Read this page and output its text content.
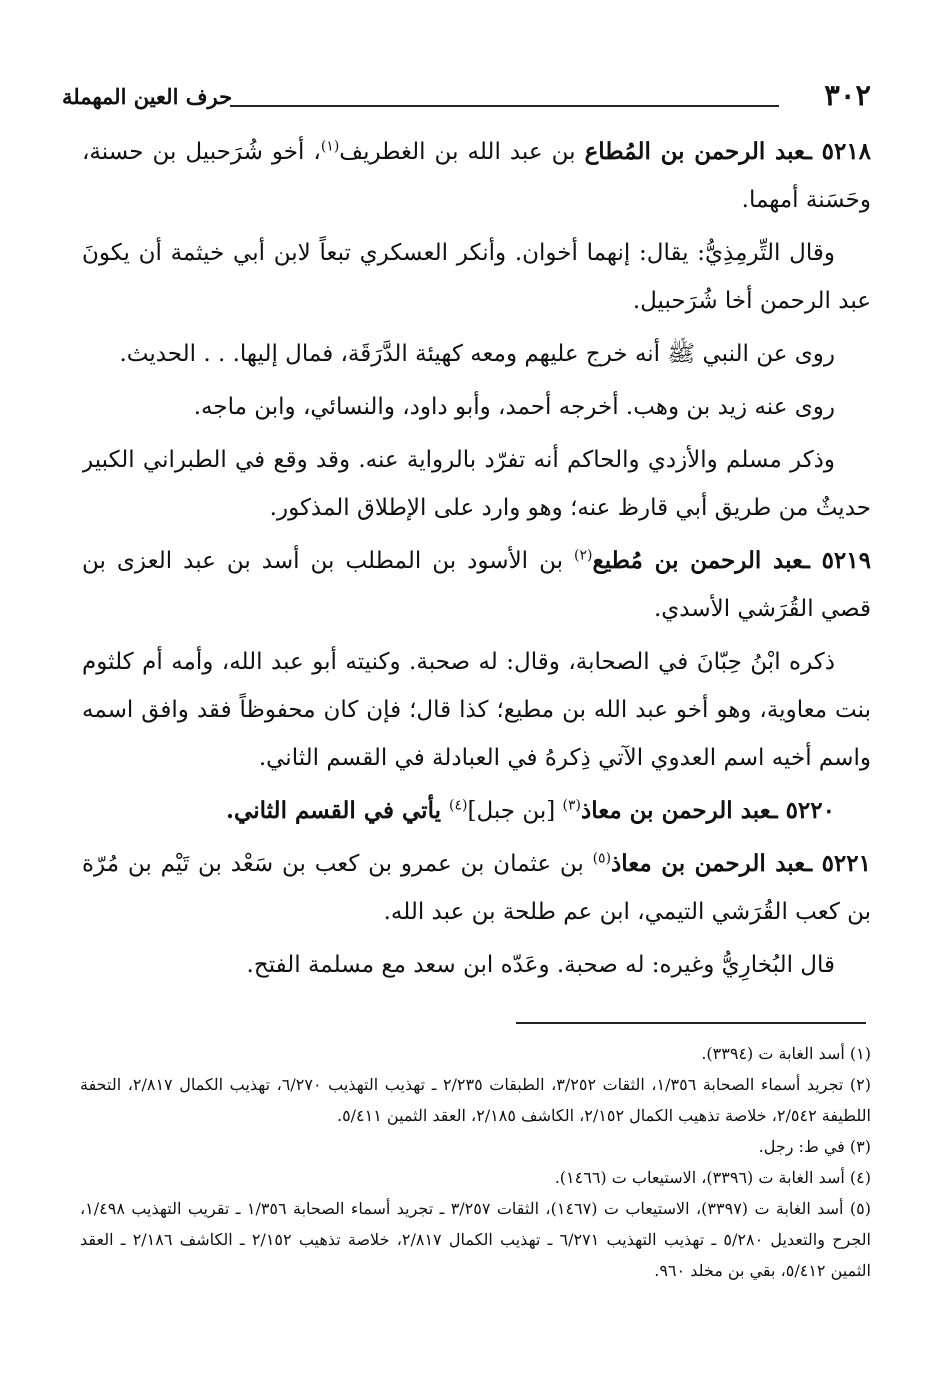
٣٠٢
حرف العين المهملة

٥٢١٨ ـعبد الرحمن بن المُطاع بن عبد الله بن الغطريف$^{(١)}$، أخو شُرَحبيل بن حسنة، وحَسَنة أمهما.

وقال التِّرمِذِيُّ: يقال: إنهما أخوان. وأنكر العسكري تبعاً لابن أبي خيثمة أن يكونَ عبد الرحمن أخا شُرَحبيل.

روى عن النبي ﷺ أنه خرج عليهم ومعه كهيئة الدَّرَقَة، فمال إليها. . . الحديث.

روى عنه زيد بن وهب. أخرجه أحمد، وأبو داود، والنسائي، وابن ماجه.

وذكر مسلم والأزدي والحاكم أنه تفرّد بالرواية عنه. وقد وقع في الطبراني الكبير حديثٌ من طريق أبي قارظ عنه؛ وهو وارد على الإطلاق المذكور.

٥٢١٩ ـعبد الرحمن بن مُطيع$^{(٢)}$ بن الأسود بن المطلب بن أسد بن عبد العزى بن قصي القُرَشي الأسدي.

ذكره ابْنُ حِبّانَ في الصحابة، وقال: له صحبة. وكنيته أبو عبد الله، وأمه أم كلثوم بنت معاوية، وهو أخو عبد الله بن مطيع؛ كذا قال؛ فإن كان محفوظاً فقد وافق اسمه واسم أخيه اسم العدوي الآتي ذِكرهُ في العبادلة في القسم الثاني.

٥٢٢٠ ـعبد الرحمن بن معاذ$^{(٣)}$ [بن جبل]$^{(٤)}$ يأتي في القسم الثاني.

٥٢٢١ ـعبد الرحمن بن معاذ$^{(٥)}$ بن عثمان بن عمرو بن كعب بن سَعْد بن تَيْم بن مُرّة بن كعب القُرَشي التيمي، ابن عم طلحة بن عبد الله.

قال البُخارِيُّ وغيره: له صحبة. وعَدّه ابن سعد مع مسلمة الفتح.

(١) أسد الغابة ت (٣٣٩٤).

(٢) تجريد أسماء الصحابة ١/٣٥٦، الثقات ٣/٢٥٢، الطبقات ٢/٢٣٥ ـ تهذيب التهذيب ٦/٢٧٠، تهذيب الكمال ٢/٨١٧، التحفة اللطيفة ٢/٥٤٢، خلاصة تذهيب الكمال ٢/١٥٢، الكاشف ٢/١٨٥، العقد الثمين ٥/٤١١.

(٣) في ط: رجل.

(٤) أسد الغابة ت (٣٣٩٦)، الاستيعاب ت (١٤٦٦).

(٥) أسد الغابة ت (٣٣٩٧)، الاستيعاب ت (١٤٦٧)، الثقات ٣/٢٥٧ ـ تجريد أسماء الصحابة ١/٣٥٦ ـ تقريب التهذيب ١/٤٩٨، الجرح والتعديل ٥/٢٨٠ ـ تهذيب التهذيب ٦/٢٧١ ـ تهذيب الكمال ٢/٨١٧، خلاصة تذهيب ٢/١٥٢ ـ الكاشف ٢/١٨٦ ـ العقد الثمين ٥/٤١٢، بقي بن مخلد ٩٦٠.
